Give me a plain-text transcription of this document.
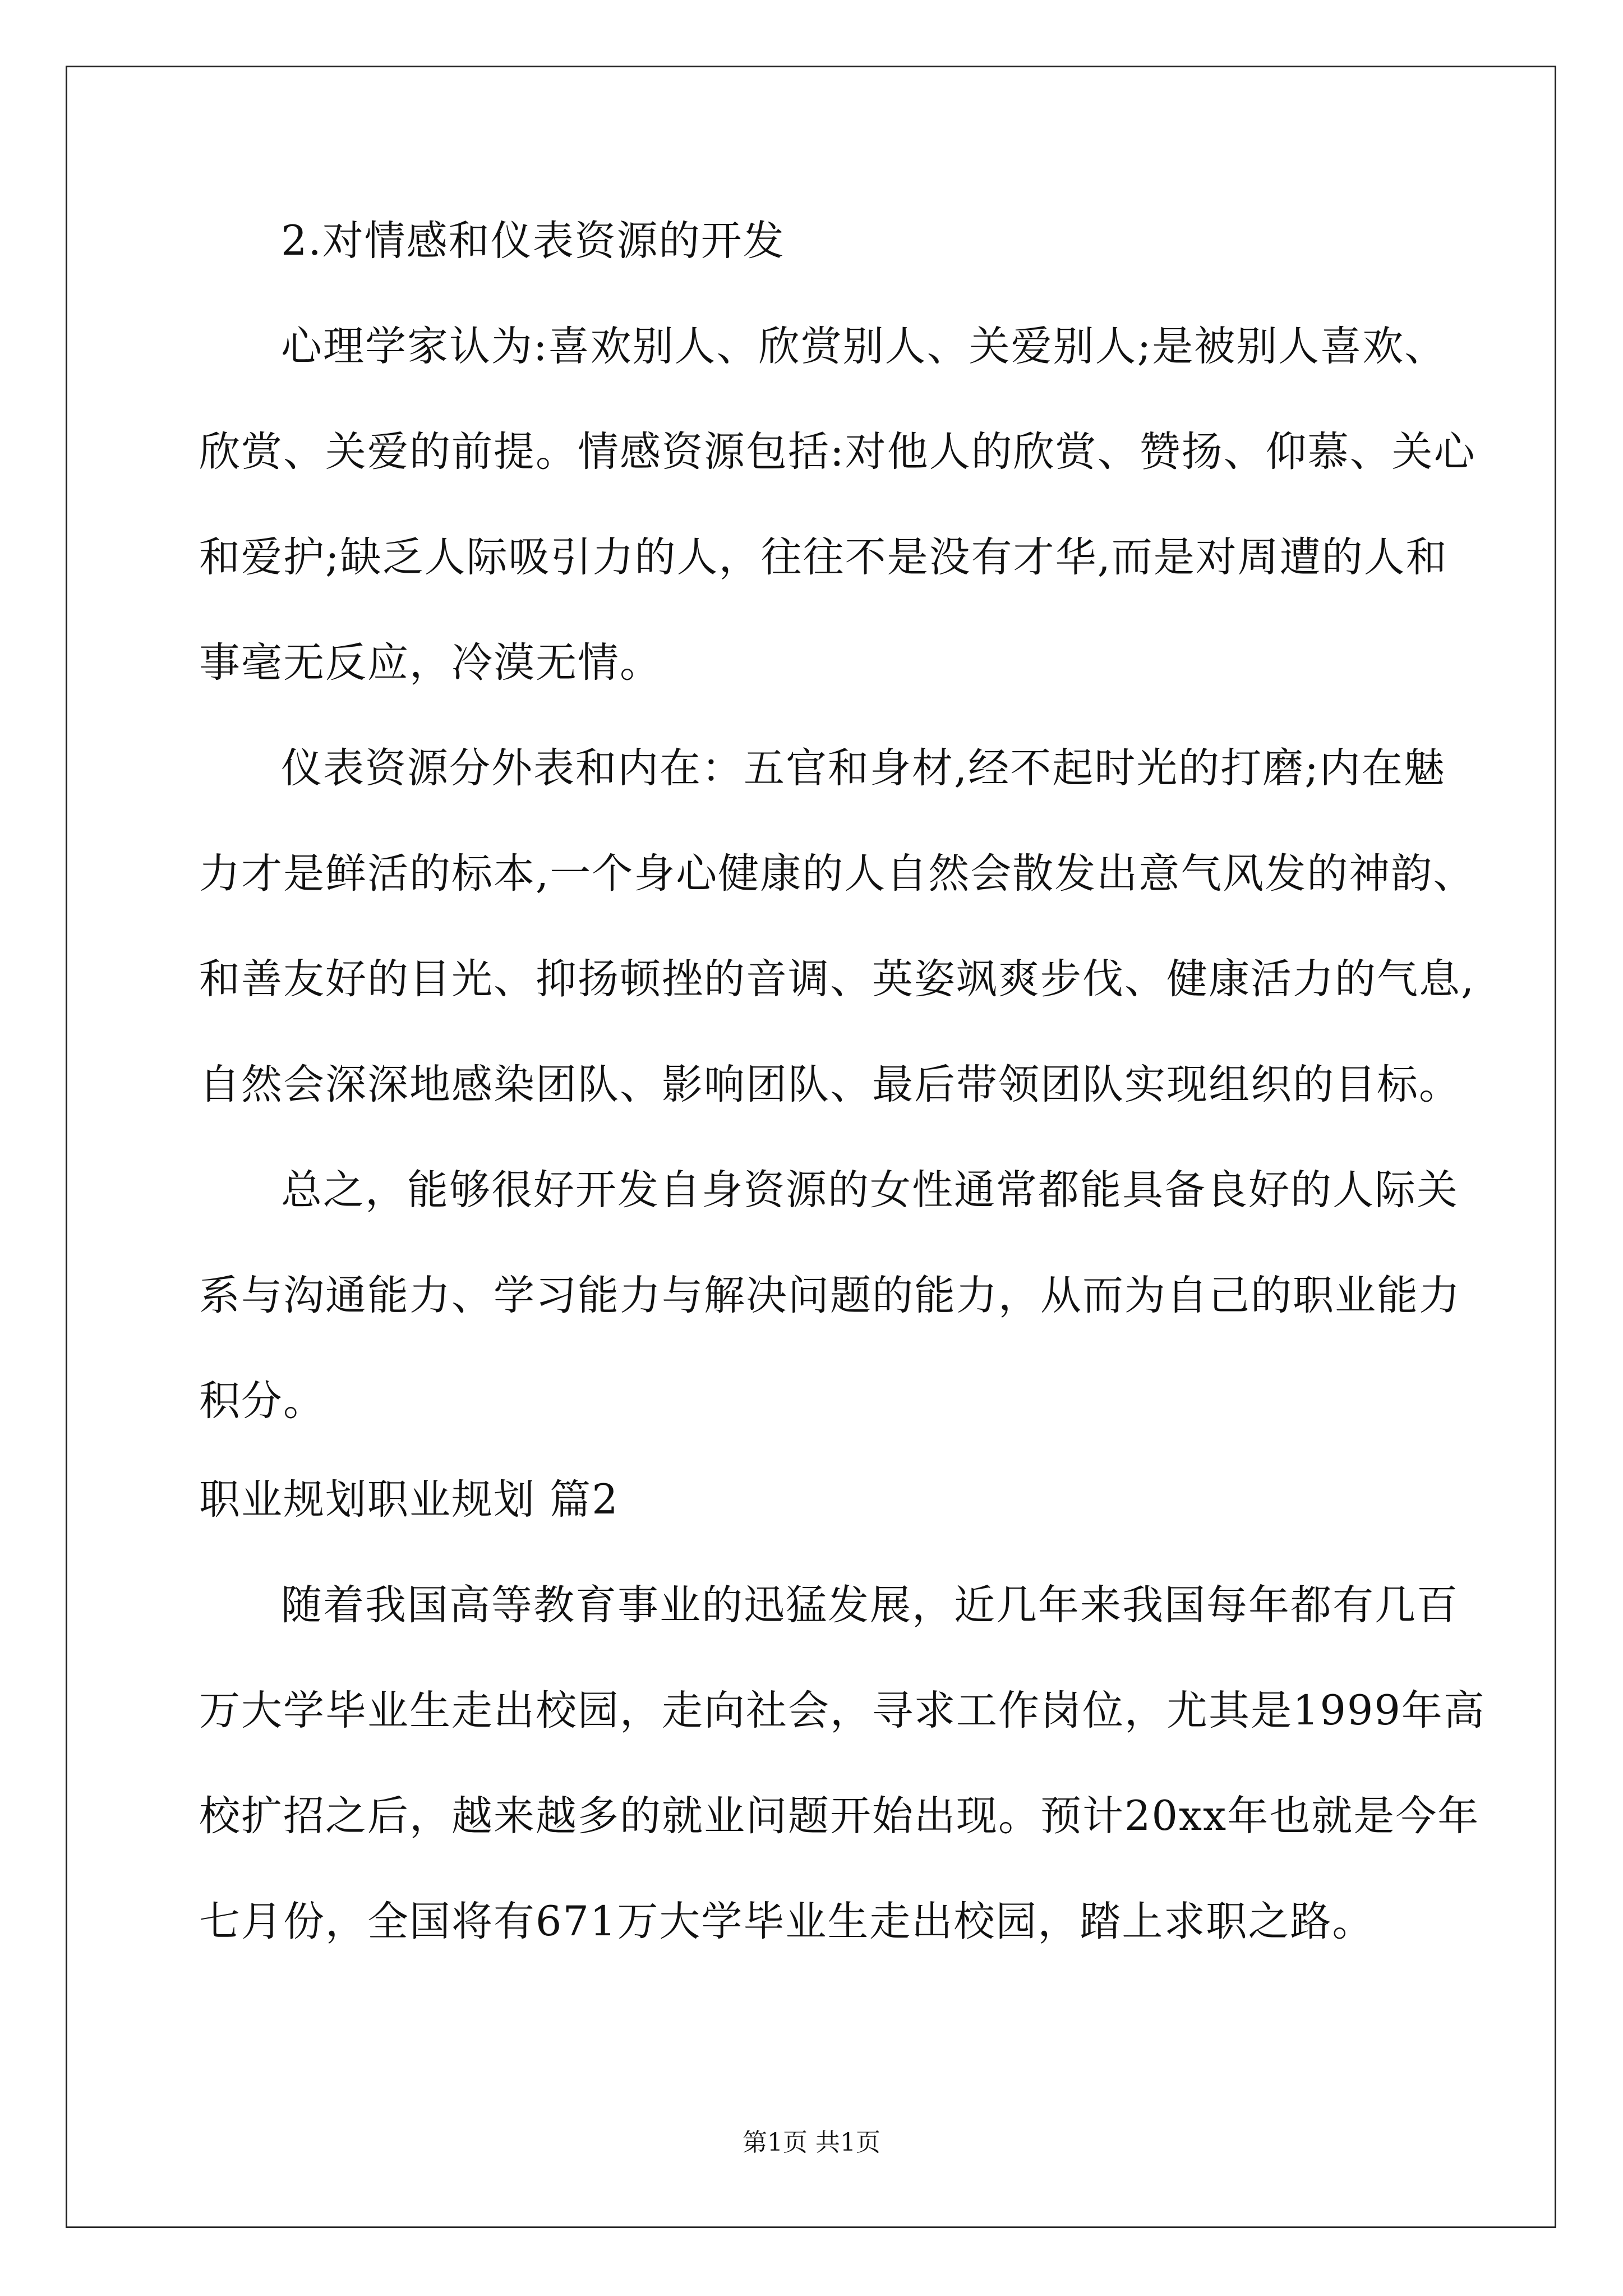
2.对情感和仪表资源的开发
心理学家认为:喜欢别人、欣赏别人、关爱别人;是被别人喜欢、
欣赏、关爱的前提。情感资源包括:对他人的欣赏、赞扬、仰慕、关心
和爱护;缺乏人际吸引力的人，往往不是没有才华,而是对周遭的人和
事毫无反应，冷漠无情。
仪表资源分外表和内在：五官和身材,经不起时光的打磨;内在魅
力才是鲜活的标本,一个身心健康的人自然会散发出意气风发的神韵、
和善友好的目光、抑扬顿挫的音调、英姿飒爽步伐、健康活力的气息,
自然会深深地感染团队、影响团队、最后带领团队实现组织的目标。
总之，能够很好开发自身资源的女性通常都能具备良好的人际关
系与沟通能力、学习能力与解决问题的能力，从而为自己的职业能力
积分。
职业规划职业规划 篇2
随着我国高等教育事业的迅猛发展，近几年来我国每年都有几百
万大学毕业生走出校园，走向社会，寻求工作岗位，尤其是1999年高
校扩招之后，越来越多的就业问题开始出现。预计20xx年也就是今年
七月份，全国将有671万大学毕业生走出校园，踏上求职之路。
第1页 共1页
